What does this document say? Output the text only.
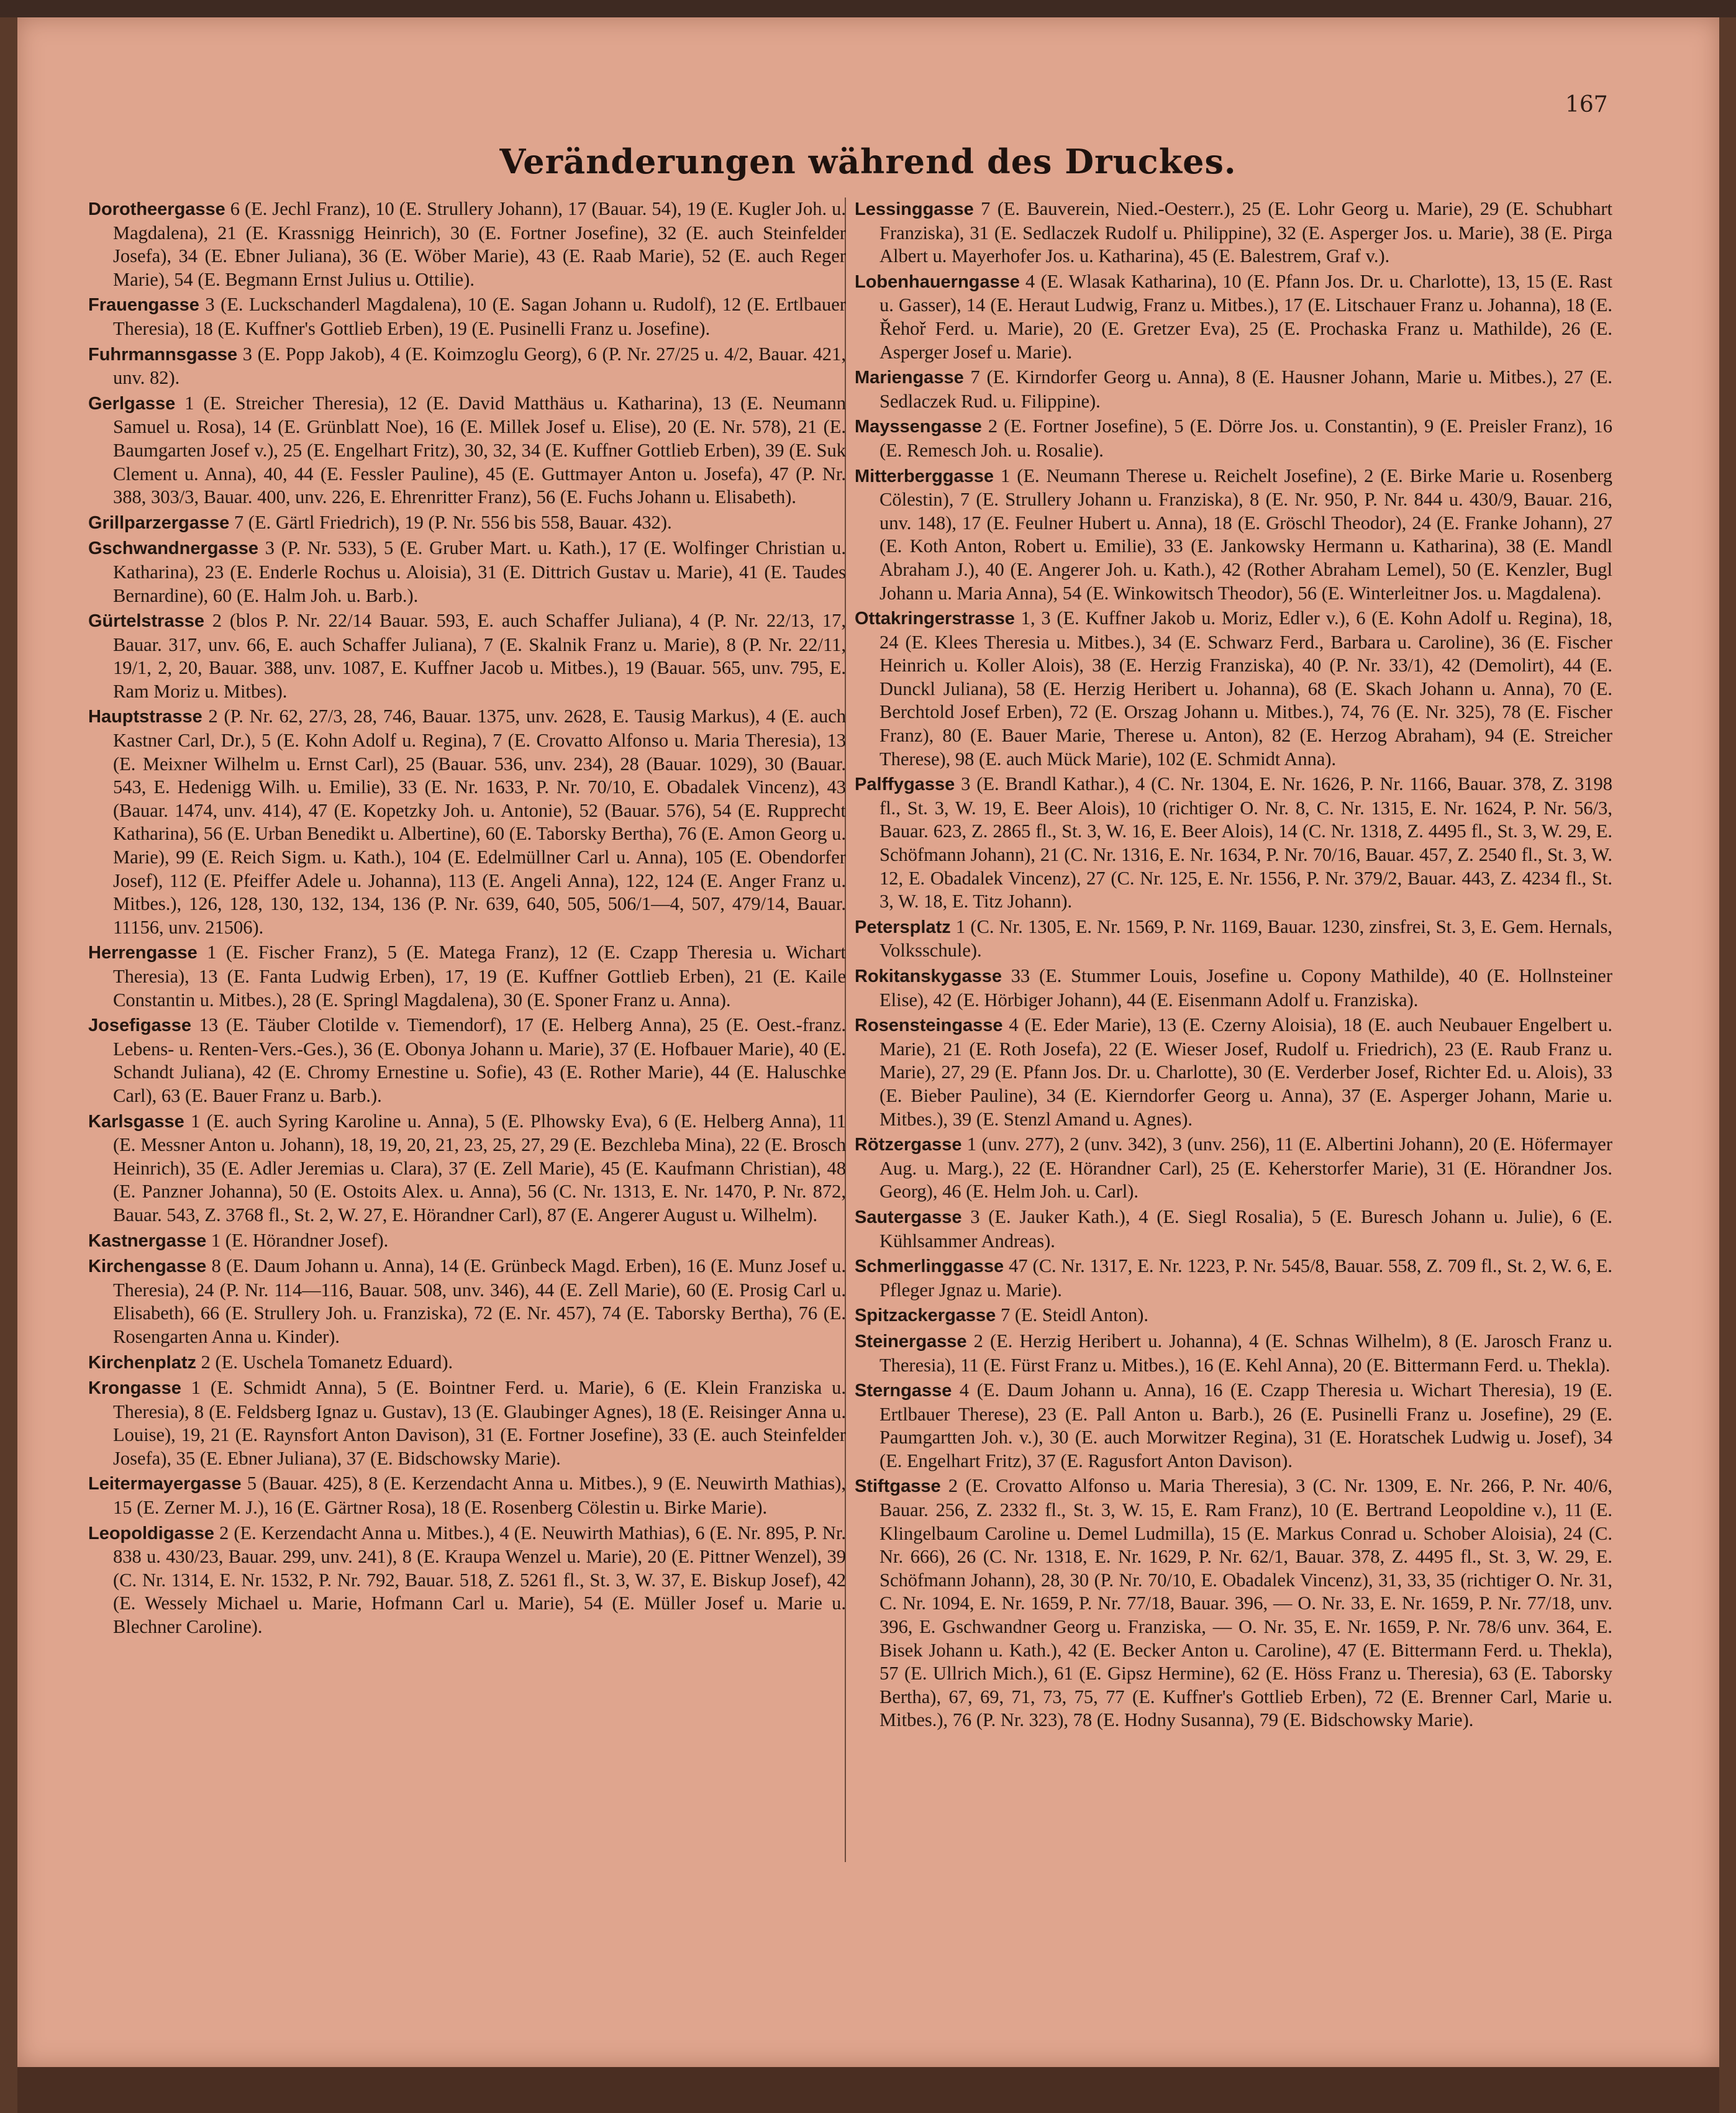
167
Veränderungen während des Druckes.
Dorotheergasse 6 (E. Jechl Franz), 10 (E. Strullery Johann), 17 (Bauar. 54), 19 (E. Kugler Joh. u. Magdalena), 21 (E. Krassnigg Heinrich), 30 (E. Fortner Josefine), 32 (E. auch Steinfelder Josefa), 34 (E. Ebner Juliana), 36 (E. Wöber Marie), 43 (E. Raab Marie), 52 (E. auch Reger Marie), 54 (E. Begmann Ernst Julius u. Ottilie).
Frauengasse 3 (E. Luckschanderl Magdalena), 10 (E. Sagan Johann u. Rudolf), 12 (E. Ertlbauer Theresia), 18 (E. Kuffner's Gottlieb Erben), 19 (E. Pusinelli Franz u. Josefine).
Fuhrmannsgasse 3 (E. Popp Jakob), 4 (E. Koimzoglu Georg), 6 (P. Nr. 27/25 u. 4/2, Bauar. 421, unv. 82).
Gerlgasse 1 (E. Streicher Theresia), 12 (E. David Matthäus u. Katharina), 13 (E. Neumann Samuel u. Rosa), 14 (E. Grünblatt Noe), 16 (E. Millek Josef u. Elise), 20 (E. Nr. 578), 21 (E. Baumgarten Josef v.), 25 (E. Engelhart Fritz), 30, 32, 34 (E. Kuffner Gottlieb Erben), 39 (E. Suk Clement u. Anna), 40, 44 (E. Fessler Pauline), 45 (E. Guttmayer Anton u. Josefa), 47 (P. Nr. 388, 303/3, Bauar. 400, unv. 226, E. Ehrenritter Franz), 56 (E. Fuchs Johann u. Elisabeth).
Grillparzergasse 7 (E. Gärtl Friedrich), 19 (P. Nr. 556 bis 558, Bauar. 432).
Gschwandnergasse 3 (P. Nr. 533), 5 (E. Gruber Mart. u. Kath.), 17 (E. Wolfinger Christian u. Katharina), 23 (E. Enderle Rochus u. Aloisia), 31 (E. Dittrich Gustav u. Marie), 41 (E. Taudes Bernardine), 60 (E. Halm Joh. u. Barb.).
Gürtelstrasse 2 (blos P. Nr. 22/14 Bauar. 593, E. auch Schaffer Juliana), 4 (P. Nr. 22/13, 17, Bauar. 317, unv. 66, E. auch Schaffer Juliana), 7 (E. Skalnik Franz u. Marie), 8 (P. Nr. 22/11, 19/1, 2, 20, Bauar. 388, unv. 1087, E. Kuffner Jacob u. Mitbes.), 19 (Bauar. 565, unv. 795, E. Ram Moriz u. Mitbes).
Hauptstrasse 2 (P. Nr. 62, 27/3, 28, 746, Bauar. 1375, unv. 2628, E. Tausig Markus), 4 (E. auch Kastner Carl, Dr.), 5 (E. Kohn Adolf u. Regina), 7 (E. Crovatto Alfonso u. Maria Theresia), 13 (E. Meixner Wilhelm u. Ernst Carl), 25 (Bauar. 536, unv. 234), 28 (Bauar. 1029), 30 (Bauar. 543, E. Hedenigg Wilh. u. Emilie), 33 (E. Nr. 1633, P. Nr. 70/10, E. Obadalek Vincenz), 43 (Bauar. 1474, unv. 414), 47 (E. Kopetzky Joh. u. Antonie), 52 (Bauar. 576), 54 (E. Rupprecht Katharina), 56 (E. Urban Benedikt u. Albertine), 60 (E. Taborsky Bertha), 76 (E. Amon Georg u. Marie), 99 (E. Reich Sigm. u. Kath.), 104 (E. Edelmüllner Carl u. Anna), 105 (E. Obendorfer Josef), 112 (E. Pfeiffer Adele u. Johanna), 113 (E. Angeli Anna), 122, 124 (E. Anger Franz u. Mitbes.), 126, 128, 130, 132, 134, 136 (P. Nr. 639, 640, 505, 506/1—4, 507, 479/14, Bauar. 11156, unv. 21506).
Herrengasse 1 (E. Fischer Franz), 5 (E. Matega Franz), 12 (E. Czapp Theresia u. Wichart Theresia), 13 (E. Fanta Ludwig Erben), 17, 19 (E. Kuffner Gottlieb Erben), 21 (E. Kaile Constantin u. Mitbes.), 28 (E. Springl Magdalena), 30 (E. Sponer Franz u. Anna).
Josefigasse 13 (E. Täuber Clotilde v. Tiemendorf), 17 (E. Helberg Anna), 25 (E. Oest.-franz. Lebens- u. Renten-Vers.-Ges.), 36 (E. Obonya Johann u. Marie), 37 (E. Hofbauer Marie), 40 (E. Schandt Juliana), 42 (E. Chromy Ernestine u. Sofie), 43 (E. Rother Marie), 44 (E. Haluschke Carl), 63 (E. Bauer Franz u. Barb.).
Karlsgasse 1 (E. auch Syring Karoline u. Anna), 5 (E. Plhowsky Eva), 6 (E. Helberg Anna), 11 (E. Messner Anton u. Johann), 18, 19, 20, 21, 23, 25, 27, 29 (E. Bezchleba Mina), 22 (E. Brosch Heinrich), 35 (E. Adler Jeremias u. Clara), 37 (E. Zell Marie), 45 (E. Kaufmann Christian), 48 (E. Panzner Johanna), 50 (E. Ostoits Alex. u. Anna), 56 (C. Nr. 1313, E. Nr. 1470, P. Nr. 872, Bauar. 543, Z. 3768 fl., St. 2, W. 27, E. Hörandner Carl), 87 (E. Angerer August u. Wilhelm).
Kastnergasse 1 (E. Hörandner Josef).
Kirchengasse 8 (E. Daum Johann u. Anna), 14 (E. Grünbeck Magd. Erben), 16 (E. Munz Josef u. Theresia), 24 (P. Nr. 114—116, Bauar. 508, unv. 346), 44 (E. Zell Marie), 60 (E. Prosig Carl u. Elisabeth), 66 (E. Strullery Joh. u. Franziska), 72 (E. Nr. 457), 74 (E. Taborsky Bertha), 76 (E. Rosengarten Anna u. Kinder).
Kirchenplatz 2 (E. Uschela Tomanetz Eduard).
Krongasse 1 (E. Schmidt Anna), 5 (E. Bointner Ferd. u. Marie), 6 (E. Klein Franziska u. Theresia), 8 (E. Feldsberg Ignaz u. Gustav), 13 (E. Glaubinger Agnes), 18 (E. Reisinger Anna u. Louise), 19, 21 (E. Raynsfort Anton Davison), 31 (E. Fortner Josefine), 33 (E. auch Steinfelder Josefa), 35 (E. Ebner Juliana), 37 (E. Bidschowsky Marie).
Leitermayergasse 5 (Bauar. 425), 8 (E. Kerzendacht Anna u. Mitbes.), 9 (E. Neuwirth Mathias), 15 (E. Zerner M. J.), 16 (E. Gärtner Rosa), 18 (E. Rosenberg Cölestin u. Birke Marie).
Leopoldigasse 2 (E. Kerzendacht Anna u. Mitbes.), 4 (E. Neuwirth Mathias), 6 (E. Nr. 895, P. Nr. 838 u. 430/23, Bauar. 299, unv. 241), 8 (E. Kraupa Wenzel u. Marie), 20 (E. Pittner Wenzel), 39 (C. Nr. 1314, E. Nr. 1532, P. Nr. 792, Bauar. 518, Z. 5261 fl., St. 3, W. 37, E. Biskup Josef), 42 (E. Wessely Michael u. Marie, Hofmann Carl u. Marie), 54 (E. Müller Josef u. Marie u. Blechner Caroline).
Lessinggasse 7 (E. Bauverein, Nied.-Oesterr.), 25 (E. Lohr Georg u. Marie), 29 (E. Schubhart Franziska), 31 (E. Sedlaczek Rudolf u. Philippine), 32 (E. Asperger Jos. u. Marie), 38 (E. Pirga Albert u. Mayerhofer Jos. u. Katharina), 45 (E. Balestrem, Graf v.).
Lobenhauerngasse 4 (E. Wlasak Katharina), 10 (E. Pfann Jos. Dr. u. Charlotte), 13, 15 (E. Rast u. Gasser), 14 (E. Heraut Ludwig, Franz u. Mitbes.), 17 (E. Litschauer Franz u. Johanna), 18 (E. Řehoř Ferd. u. Marie), 20 (E. Gretzer Eva), 25 (E. Prochaska Franz u. Mathilde), 26 (E. Asperger Josef u. Marie).
Mariengasse 7 (E. Kirndorfer Georg u. Anna), 8 (E. Hausner Johann, Marie u. Mitbes.), 27 (E. Sedlaczek Rud. u. Filippine).
Mayssengasse 2 (E. Fortner Josefine), 5 (E. Dörre Jos. u. Constantin), 9 (E. Preisler Franz), 16 (E. Remesch Joh. u. Rosalie).
Mitterberggasse 1 (E. Neumann Therese u. Reichelt Josefine), 2 (E. Birke Marie u. Rosenberg Cölestin), 7 (E. Strullery Johann u. Franziska), 8 (E. Nr. 950, P. Nr. 844 u. 430/9, Bauar. 216, unv. 148), 17 (E. Feulner Hubert u. Anna), 18 (E. Gröschl Theodor), 24 (E. Franke Johann), 27 (E. Koth Anton, Robert u. Emilie), 33 (E. Jankowsky Hermann u. Katharina), 38 (E. Mandl Abraham J.), 40 (E. Angerer Joh. u. Kath.), 42 (Rother Abraham Lemel), 50 (E. Kenzler, Bugl Johann u. Maria Anna), 54 (E. Winkowitsch Theodor), 56 (E. Winterleitner Jos. u. Magdalena).
Ottakringerstrasse 1, 3 (E. Kuffner Jakob u. Moriz, Edler v.), 6 (E. Kohn Adolf u. Regina), 18, 24 (E. Klees Theresia u. Mitbes.), 34 (E. Schwarz Ferd., Barbara u. Caroline), 36 (E. Fischer Heinrich u. Koller Alois), 38 (E. Herzig Franziska), 40 (P. Nr. 33/1), 42 (Demolirt), 44 (E. Dunckl Juliana), 58 (E. Herzig Heribert u. Johanna), 68 (E. Skach Johann u. Anna), 70 (E. Berchtold Josef Erben), 72 (E. Orszag Johann u. Mitbes.), 74, 76 (E. Nr. 325), 78 (E. Fischer Franz), 80 (E. Bauer Marie, Therese u. Anton), 82 (E. Herzog Abraham), 94 (E. Streicher Therese), 98 (E. auch Mück Marie), 102 (E. Schmidt Anna).
Palffygasse 3 (E. Brandl Kathar.), 4 (C. Nr. 1304, E. Nr. 1626, P. Nr. 1166, Bauar. 378, Z. 3198 fl., St. 3, W. 19, E. Beer Alois), 10 (richtiger O. Nr. 8, C. Nr. 1315, E. Nr. 1624, P. Nr. 56/3, Bauar. 623, Z. 2865 fl., St. 3, W. 16, E. Beer Alois), 14 (C. Nr. 1318, Z. 4495 fl., St. 3, W. 29, E. Schöfmann Johann), 21 (C. Nr. 1316, E. Nr. 1634, P. Nr. 70/16, Bauar. 457, Z. 2540 fl., St. 3, W. 12, E. Obadalek Vincenz), 27 (C. Nr. 125, E. Nr. 1556, P. Nr. 379/2, Bauar. 443, Z. 4234 fl., St. 3, W. 18, E. Titz Johann).
Petersplatz 1 (C. Nr. 1305, E. Nr. 1569, P. Nr. 1169, Bauar. 1230, zinsfrei, St. 3, E. Gem. Hernals, Volksschule).
Rokitanskygasse 33 (E. Stummer Louis, Josefine u. Copony Mathilde), 40 (E. Hollnsteiner Elise), 42 (E. Hörbiger Johann), 44 (E. Eisenmann Adolf u. Franziska).
Rosensteingasse 4 (E. Eder Marie), 13 (E. Czerny Aloisia), 18 (E. auch Neubauer Engelbert u. Marie), 21 (E. Roth Josefa), 22 (E. Wieser Josef, Rudolf u. Friedrich), 23 (E. Raub Franz u. Marie), 27, 29 (E. Pfann Jos. Dr. u. Charlotte), 30 (E. Verderber Josef, Richter Ed. u. Alois), 33 (E. Bieber Pauline), 34 (E. Kierndorfer Georg u. Anna), 37 (E. Asperger Johann, Marie u. Mitbes.), 39 (E. Stenzl Amand u. Agnes).
Rötzergasse 1 (unv. 277), 2 (unv. 342), 3 (unv. 256), 11 (E. Albertini Johann), 20 (E. Höfermayer Aug. u. Marg.), 22 (E. Hörandner Carl), 25 (E. Keherstorfer Marie), 31 (E. Hörandner Jos. Georg), 46 (E. Helm Joh. u. Carl).
Sautergasse 3 (E. Jauker Kath.), 4 (E. Siegl Rosalia), 5 (E. Buresch Johann u. Julie), 6 (E. Kühlsammer Andreas).
Schmerlinggasse 47 (C. Nr. 1317, E. Nr. 1223, P. Nr. 545/8, Bauar. 558, Z. 709 fl., St. 2, W. 6, E. Pfleger Jgnaz u. Marie).
Spitzackergasse 7 (E. Steidl Anton).
Steinergasse 2 (E. Herzig Heribert u. Johanna), 4 (E. Schnas Wilhelm), 8 (E. Jarosch Franz u. Theresia), 11 (E. Fürst Franz u. Mitbes.), 16 (E. Kehl Anna), 20 (E. Bittermann Ferd. u. Thekla).
Sterngasse 4 (E. Daum Johann u. Anna), 16 (E. Czapp Theresia u. Wichart Theresia), 19 (E. Ertlbauer Therese), 23 (E. Pall Anton u. Barb.), 26 (E. Pusinelli Franz u. Josefine), 29 (E. Paumgartten Joh. v.), 30 (E. auch Morwitzer Regina), 31 (E. Horatschek Ludwig u. Josef), 34 (E. Engelhart Fritz), 37 (E. Ragusfort Anton Davison).
Stiftgasse 2 (E. Crovatto Alfonso u. Maria Theresia), 3 (C. Nr. 1309, E. Nr. 266, P. Nr. 40/6, Bauar. 256, Z. 2332 fl., St. 3, W. 15, E. Ram Franz), 10 (E. Bertrand Leopoldine v.), 11 (E. Klingelbaum Caroline u. Demel Ludmilla), 15 (E. Markus Conrad u. Schober Aloisia), 24 (C. Nr. 666), 26 (C. Nr. 1318, E. Nr. 1629, P. Nr. 62/1, Bauar. 378, Z. 4495 fl., St. 3, W. 29, E. Schöfmann Johann), 28, 30 (P. Nr. 70/10, E. Obadalek Vincenz), 31, 33, 35 (richtiger O. Nr. 31, C. Nr. 1094, E. Nr. 1659, P. Nr. 77/18, Bauar. 396, — O. Nr. 33, E. Nr. 1659, P. Nr. 77/18, unv. 396, E. Gschwandner Georg u. Franziska, — O. Nr. 35, E. Nr. 1659, P. Nr. 78/6 unv. 364, E. Bisek Johann u. Kath.), 42 (E. Becker Anton u. Caroline), 47 (E. Bittermann Ferd. u. Thekla), 57 (E. Ullrich Mich.), 61 (E. Gipsz Hermine), 62 (E. Höss Franz u. Theresia), 63 (E. Taborsky Bertha), 67, 69, 71, 73, 75, 77 (E. Kuffner's Gottlieb Erben), 72 (E. Brenner Carl, Marie u. Mitbes.), 76 (P. Nr. 323), 78 (E. Hodny Susanna), 79 (E. Bidschowsky Marie).
